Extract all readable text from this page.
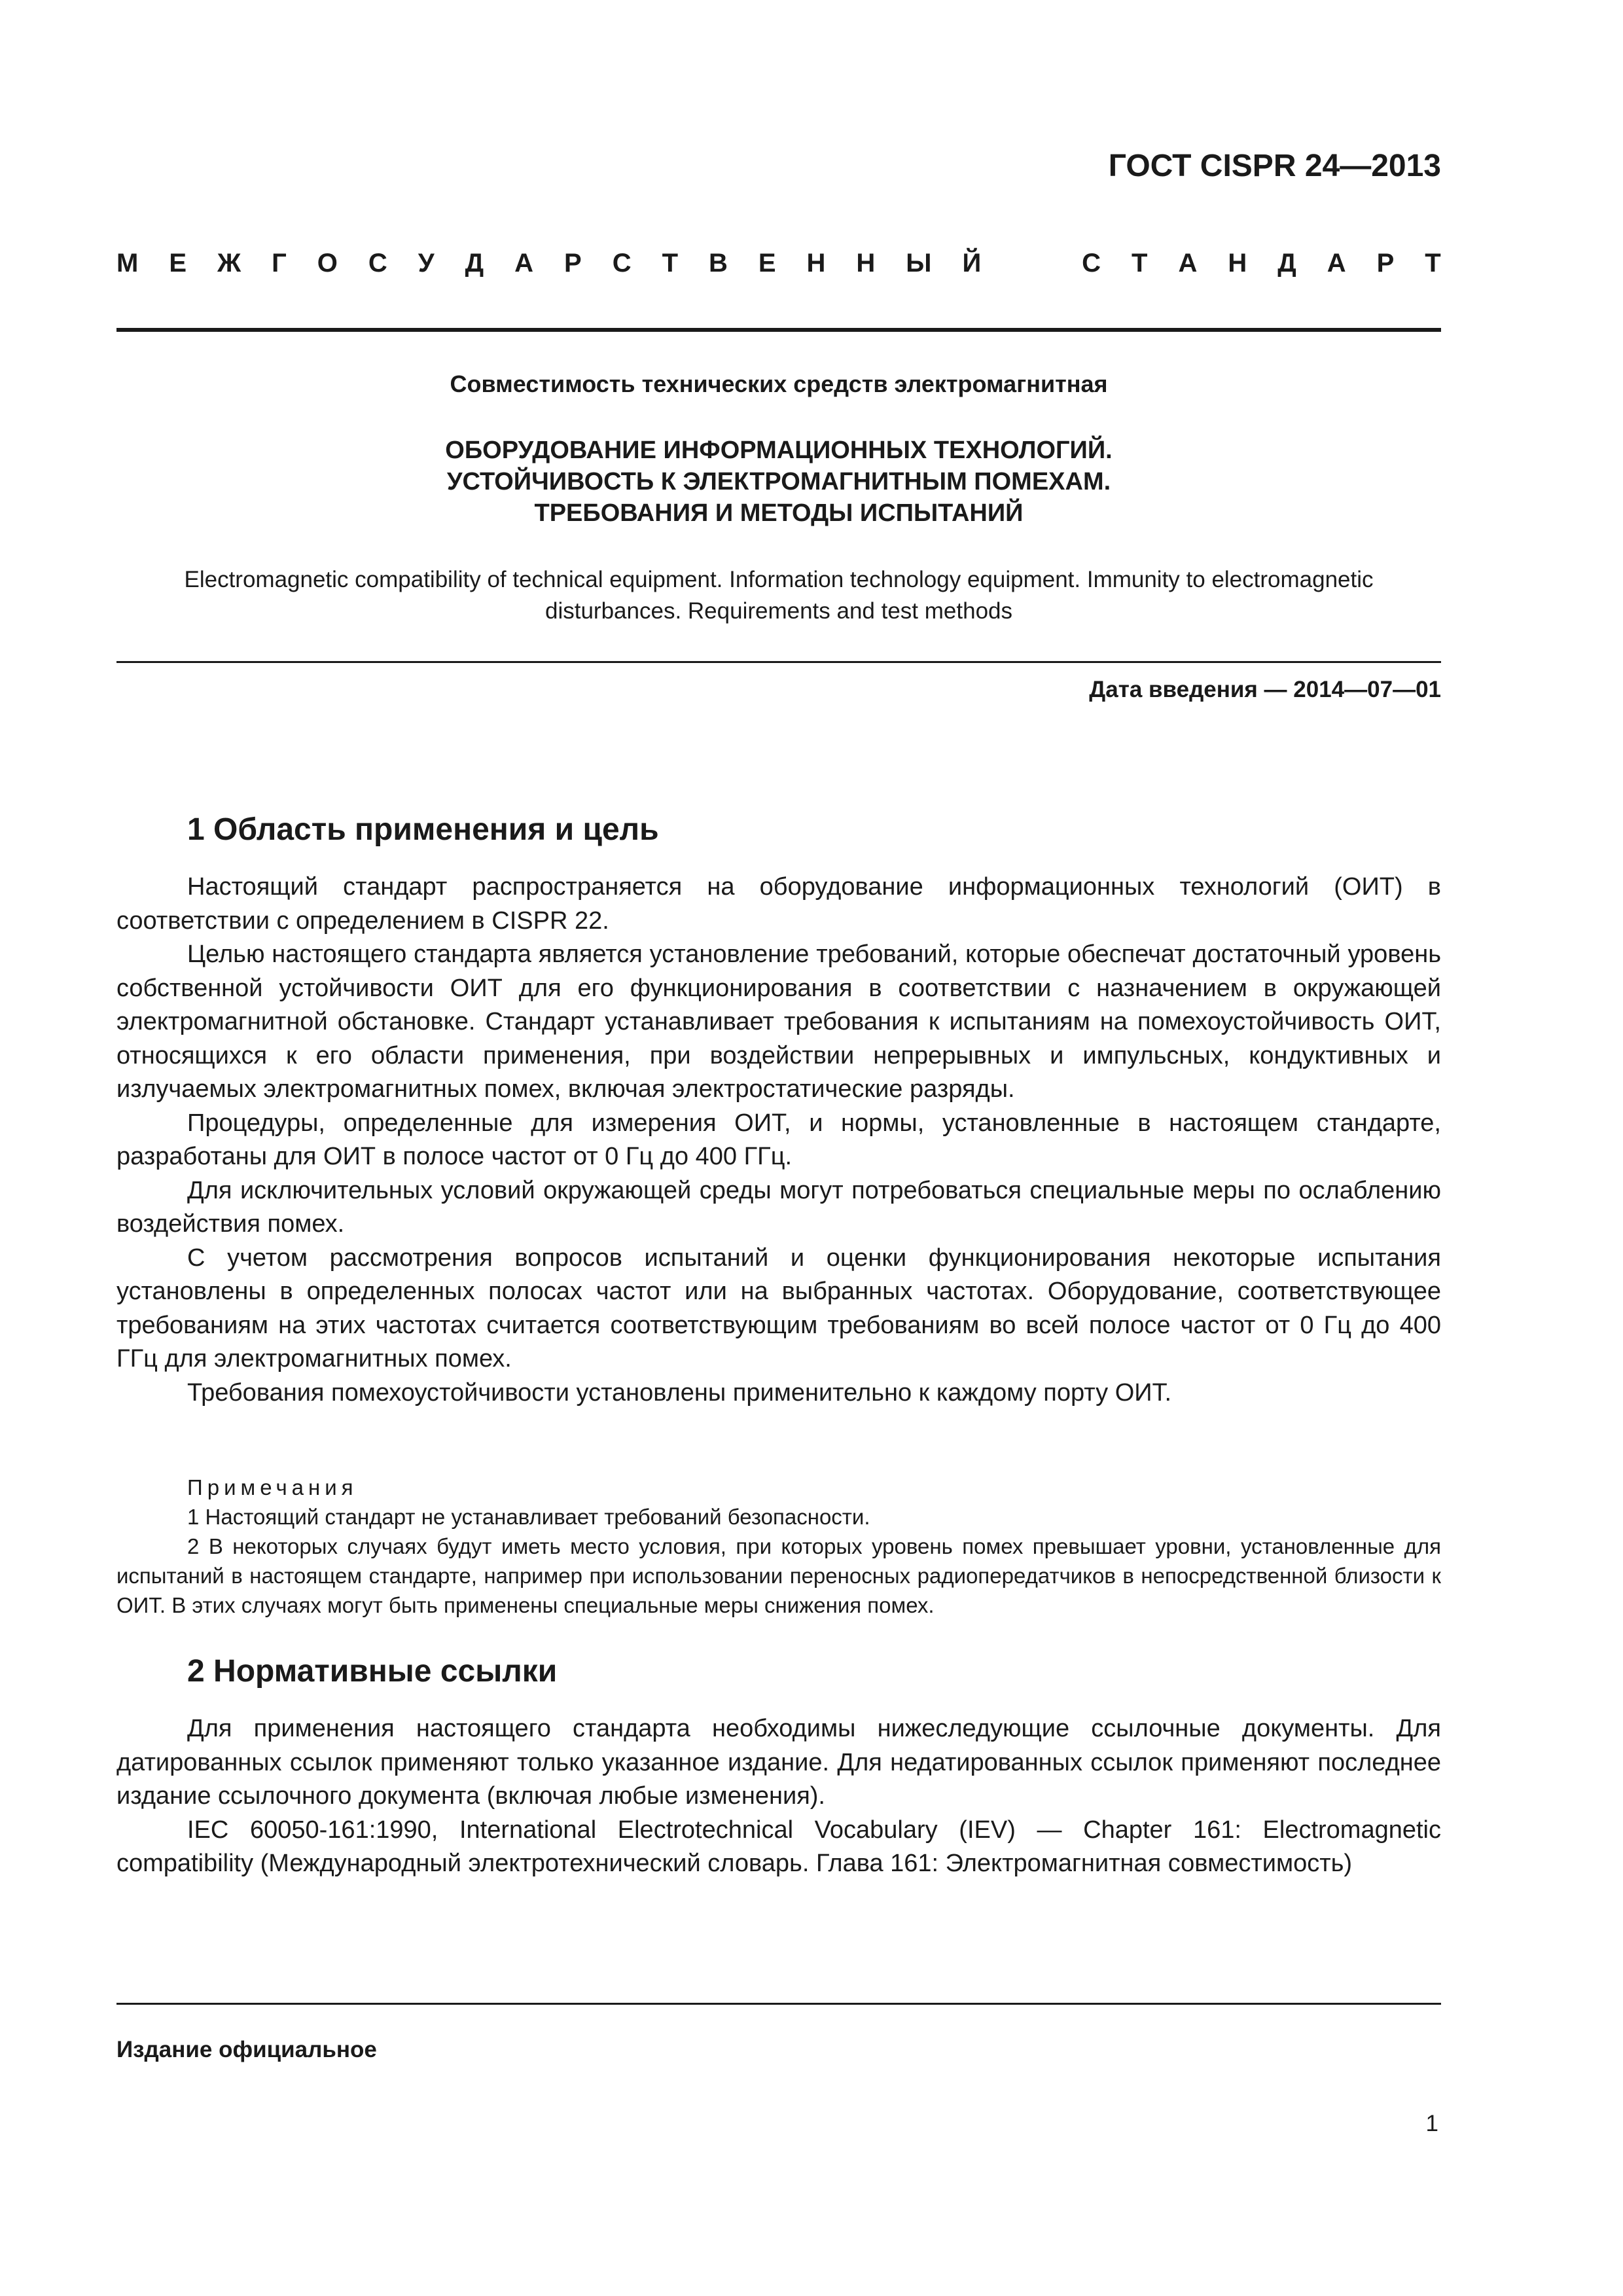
ГОСТ CISPR 24—2013
М Е Ж Г О С У Д А Р С Т В Е Н Н Ы Й	С Т А Н Д А Р Т
Совместимость технических средств электромагнитная
ОБОРУДОВАНИЕ ИНФОРМАЦИОННЫХ ТЕХНОЛОГИЙ.
УСТОЙЧИВОСТЬ К ЭЛЕКТРОМАГНИТНЫМ ПОМЕХАМ.
ТРЕБОВАНИЯ И МЕТОДЫ ИСПЫТАНИЙ
Electromagnetic compatibility of technical equipment. Information technology equipment. Immunity to electromagnetic
disturbances. Requirements and test methods
Дата введения — 2014—07—01
1 Область применения и цель

Настоящий стандарт распространяется на оборудование информационных технологий (ОИТ) в соответствии с определением в CISPR 22.

Целью настоящего стандарта является установление требований, которые обеспечат достаточный уровень собственной устойчивости ОИТ для его функционирования в соответствии с назначением в окружающей электромагнитной обстановке. Стандарт устанавливает требования к испытаниям на помехоустойчивость ОИТ, относящихся к его области применения, при воздействии непрерывных и импульсных, кондуктивных и излучаемых электромагнитных помех, включая электростатические разряды.

Процедуры, определенные для измерения ОИТ, и нормы, установленные в настоящем стандарте, разработаны для ОИТ в полосе частот от 0 Гц до 400 ГГц.

Для исключительных условий окружающей среды могут потребоваться специальные меры по ослаблению воздействия помех.

С учетом рассмотрения вопросов испытаний и оценки функционирования некоторые испытания установлены в определенных полосах частот или на выбранных частотах. Оборудование, соответствующее требованиям на этих частотах считается соответствующим требованиям во всей полосе частот от 0 Гц до 400 ГГц для электромагнитных помех.

Требования помехоустойчивости установлены применительно к каждому порту ОИТ.

Примечания

1 Настоящий стандарт не устанавливает требований безопасности.

2 В некоторых случаях будут иметь место условия, при которых уровень помех превышает уровни, установленные для испытаний в настоящем стандарте, например при использовании переносных радиопередатчиков в непосредственной близости к ОИТ. В этих случаях могут быть применены специальные меры снижения помех.

2 Нормативные ссылки

Для применения настоящего стандарта необходимы нижеследующие ссылочные документы. Для датированных ссылок применяют только указанное издание. Для недатированных ссылок применяют последнее издание ссылочного документа (включая любые изменения).

IEC 60050-161:1990, International Electrotechnical Vocabulary (IEV) — Chapter 161: Electromagnetic compatibility (Международный электротехнический словарь. Глава 161: Электромагнитная совместимость)

Издание официальное
1
